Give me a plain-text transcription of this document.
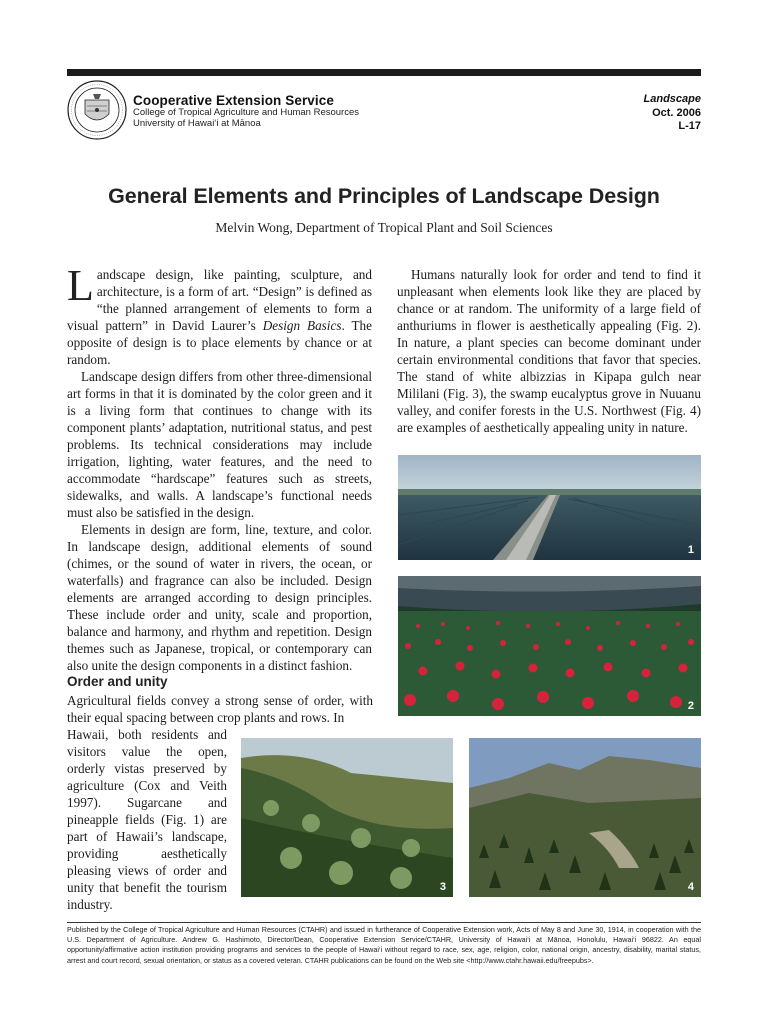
Cooperative Extension Service
College of Tropical Agriculture and Human Resources
University of Hawai‘i at Mānoa
Landscape
Oct. 2006
L-17
General Elements and Principles of Landscape Design
Melvin Wong, Department of Tropical Plant and Soil Sciences

Landscape design, like painting, sculpture, and architecture, is a form of art. “Design” is defined as “the planned arrangement of elements to form a visual pattern” in David Laurer’s Design Basics. The opposite of design is to place elements by chance or at random.

Landscape design differs from other three-dimensional art forms in that it is dominated by the color green and it is a living form that continues to change with its component plants’ adaptation, nutritional status, and pest problems. Its technical considerations may include irrigation, lighting, water features, and the need to accommodate “hardscape” features such as streets, sidewalks, and walls. A landscape’s functional needs must also be satisfied in the design.

Elements in design are form, line, texture, and color. In landscape design, additional elements of sound (chimes, or the sound of water in rivers, the ocean, or waterfalls) and fragrance can also be included. Design elements are arranged according to design principles. These include order and unity, scale and proportion, balance and harmony, and rhythm and repetition. Design themes such as Japanese, tropical, or contemporary can also unite the design components in a distinct fashion.

Order and unity
Agricultural fields convey a strong sense of order, with their equal spacing between crop plants and rows. In
Hawaii, both residents and visitors value the open, orderly vistas preserved by agriculture (Cox and Veith 1997). Sugarcane and pineapple fields (Fig. 1) are part of Hawaii’s landscape, providing aesthetically pleasing views of order and unity that benefit the tourism industry.

Humans naturally look for order and tend to find it unpleasant when elements look like they are placed by chance or at random. The uniformity of a large field of anthuriums in flower is aesthetically appealing (Fig. 2). In nature, a plant species can become dominant under certain environmental conditions that favor that species. The stand of white albizzias in Kipapa gulch near Mililani (Fig. 3), the swamp eucalyptus grove in Nuuanu valley, and conifer forests in the U.S. Northwest (Fig. 4) are examples of aesthetically appealing unity in nature.

1
2
3	4
Published by the College of Tropical Agriculture and Human Resources (CTAHR) and issued in furtherance of Cooperative Extension work, Acts of May 8 and June 30, 1914, in cooperation with the U.S. Department of Agriculture. Andrew G. Hashimoto, Director/Dean, Cooperative Extension Service/CTAHR, University of Hawai‘i at Mānoa, Honolulu, Hawai‘i 96822. An equal opportunity/affirmative action institution providing programs and services to the people of Hawai‘i without regard to race, sex, age, religion, color, national origin, ancestry, disability, marital status, arrest and court record, sexual orientation, or status as a covered veteran. CTAHR publications can be found on the Web site <http://www.ctahr.hawaii.edu/freepubs>.
